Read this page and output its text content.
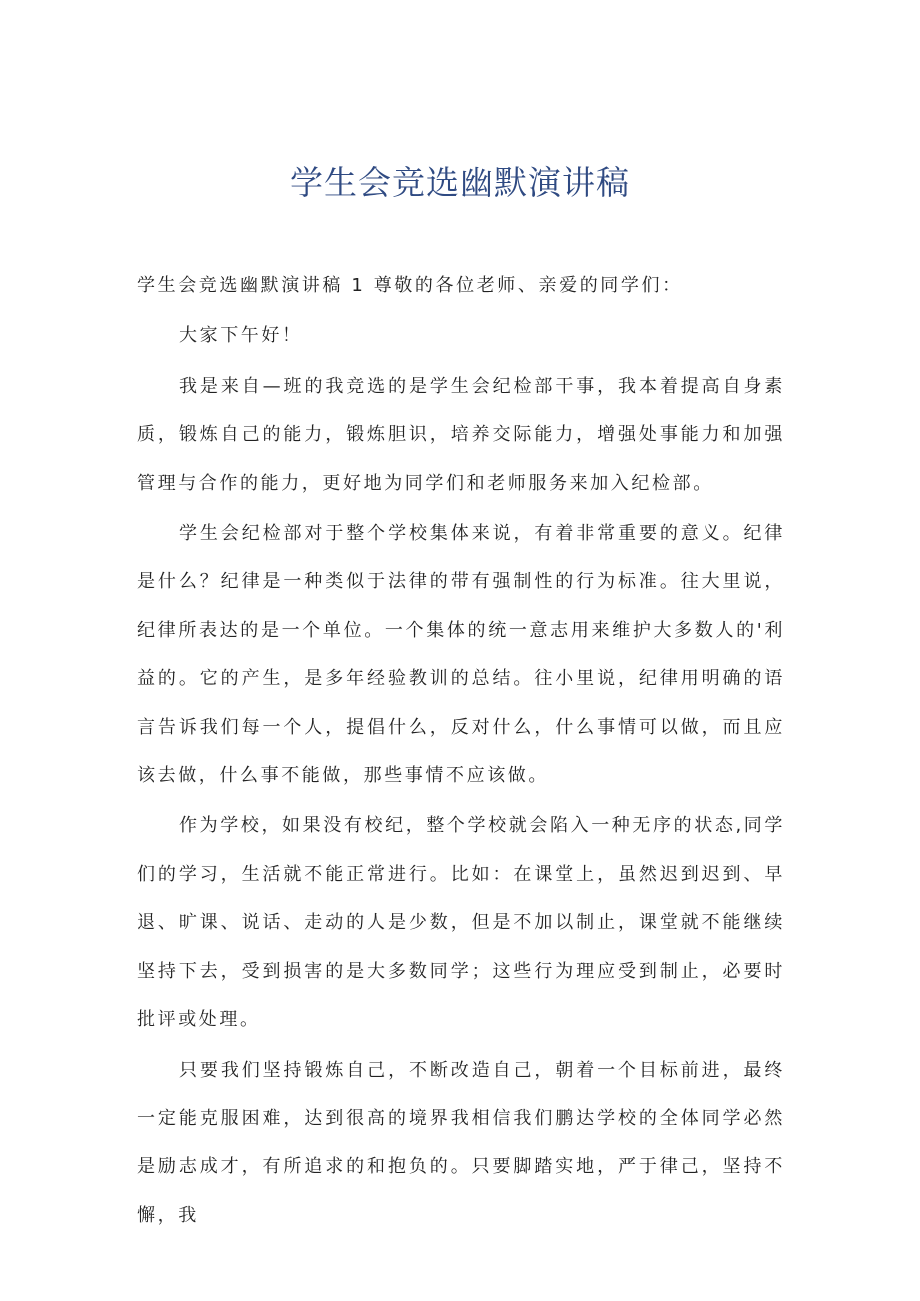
学生会竞选幽默演讲稿

学生会竞选幽默演讲稿 1 尊敬的各位老师、亲爱的同学们：

大家下午好！

我是来自—班的我竞选的是学生会纪检部干事，我本着提高自身素质，锻炼自己的能力，锻炼胆识，培养交际能力，增强处事能力和加强管理与合作的能力，更好地为同学们和老师服务来加入纪检部。

学生会纪检部对于整个学校集体来说，有着非常重要的意义。纪律是什么？纪律是一种类似于法律的带有强制性的行为标准。往大里说，纪律所表达的是一个单位。一个集体的统一意志用来维护大多数人的'利益的。它的产生，是多年经验教训的总结。往小里说，纪律用明确的语言告诉我们每一个人，提倡什么，反对什么，什么事情可以做，而且应该去做，什么事不能做，那些事情不应该做。

作为学校，如果没有校纪，整个学校就会陷入一种无序的状态,同学们的学习，生活就不能正常进行。比如：在课堂上，虽然迟到迟到、早退、旷课、说话、走动的人是少数，但是不加以制止，课堂就不能继续坚持下去，受到损害的是大多数同学；这些行为理应受到制止，必要时批评或处理。

只要我们坚持锻炼自己，不断改造自己，朝着一个目标前进，最终一定能克服困难，达到很高的境界我相信我们鹏达学校的全体同学必然是励志成才，有所追求的和抱负的。只要脚踏实地，严于律己，坚持不懈，我
